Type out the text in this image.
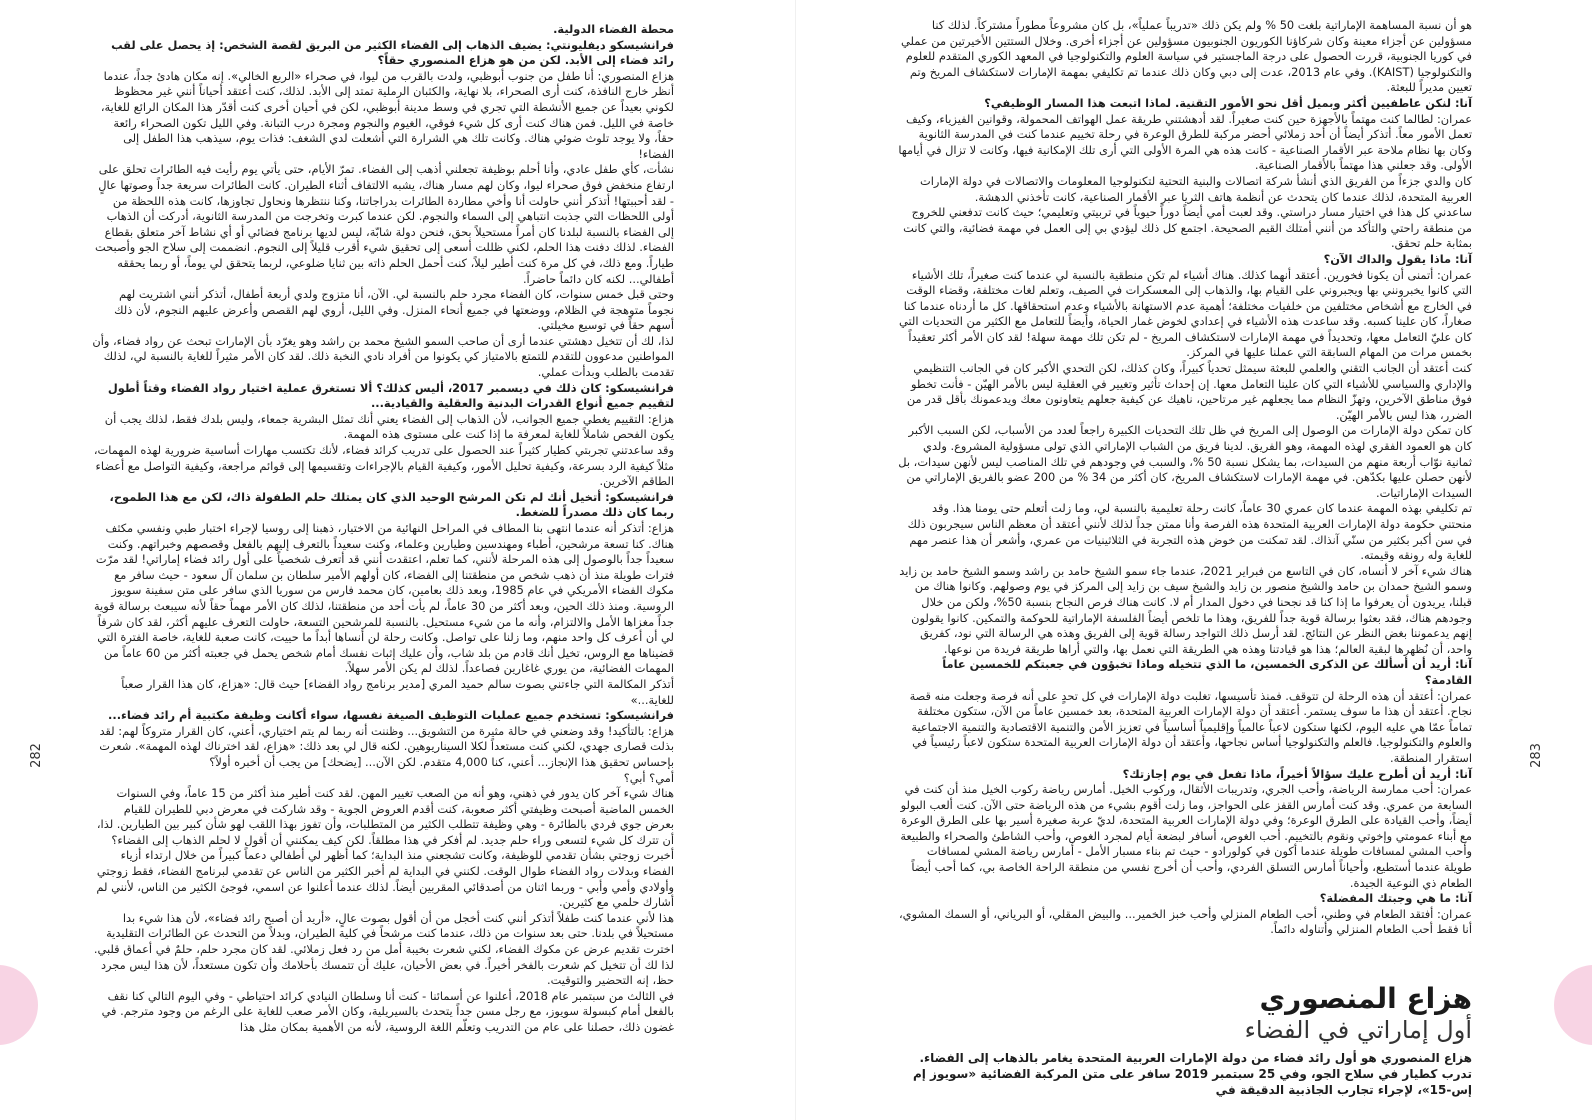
282

محطة الفضاء الدولية.

فرانشيسكو ديفليونتي: يضيف الذهاب إلى الفضاء الكثير من البريق لقصة الشخص: إذ يحصل على لقب رائد فضاء إلى الأبد. لكن من هو هزاع المنصوري حقاً؟

هزاع المنصوري: أنا طفل من جنوب أبوظبي، ولدت بالقرب من ليوا، في صحراء «الربع الخالي». إنه مكان هادئ جداً، عندما أنظر خارج النافذة، كنت أرى الصحراء، بلا نهاية، والكثبان الرملية تمتد إلى الأبد. لذلك، كنت أعتقد أحياناً أنني غير محظوظ لكوني بعيداً عن جميع الأنشطة التي تجري في وسط مدينة أبوظبي، لكن في أحيان أخرى كنت أقدّر هذا المكان الرائع للغاية، خاصة في الليل. فمن هناك كنت أرى كل شيء فوقي، الغيوم والنجوم ومجرة درب التبانة. وفي الليل تكون الصحراء رائعة حقاً، ولا يوجد تلوث ضوئي هناك. وكانت تلك هي الشرارة التي أشعلت لدي الشغف: فذات يوم، سيذهب هذا الطفل إلى الفضاء!

نشأت، كأي طفل عادي، وأنا أحلم بوظيفة تجعلني أذهب إلى الفضاء. تمرّ الأيام، حتى يأتي يوم رأيت فيه الطائرات تحلق على ارتفاع منخفض فوق صحراء ليوا، وكان لهم مسار هناك، يشبه الالتفاف أثناء الطيران. كانت الطائرات سريعة جداً وصوتها عالٍ - لقد أحببتها! أتذكر أنني حاولت أنا وأخي مطاردة الطائرات بدراجاتنا، وكنا ننتظرها ونحاول تجاوزها، كانت هذه اللحظة من أولى اللحظات التي جذبت انتباهي إلى السماء والنجوم. لكن عندما كبرت وتخرجت من المدرسة الثانوية، أدركت أن الذهاب إلى الفضاء بالنسبة لبلدنا كان أمراً مستحيلاً بحق، فنحن دولة شابّة، ليس لديها برنامج فضائي أو أي نشاط آخر متعلق بقطاع الفضاء. لذلك دفنت هذا الحلم، لكني ظللت أسعى إلى تحقيق شيء أقرب قليلاً إلى النجوم. انضممت إلى سلاح الجو وأصبحت طياراً. ومع ذلك، في كل مرة كنت أطير ليلاً، كنت أحمل الحلم ذاته بين ثنايا ضلوعي، لربما يتحقق لي يوماً، أو ربما يحققه أطفالي... لكنه كان دائماً حاضراً.

وحتى قبل خمس سنوات، كان الفضاء مجرد حلم بالنسبة لي. الآن، أنا متزوج ولدي أربعة أطفال، أتذكر أنني اشتريت لهم نجوماً متوهجة في الظلام، ووضعتها في جميع أنحاء المنزل. وفي الليل، أروي لهم القصص وأعرض عليهم النجوم، لأن ذلك أسهم حقاً في توسيع مخيلتي.

لذا، لك أن تتخيل دهشتي عندما أرى أن صاحب السمو الشيخ محمد بن راشد وهو يغرّد بأن الإمارات تبحث عن رواد فضاء، وأن المواطنين مدعوون للتقدم للتمتع بالامتياز كي يكونوا من أفراد نادي النخبة ذلك. لقد كان الأمر مثيراً للغاية بالنسبة لي، لذلك تقدمت بالطلب وبدأت عملي.

فرانشيسكو: كان ذلك في ديسمبر 2017، أليس كذلك؟ ألا تستغرق عملية اختيار رواد الفضاء وقتاً أطول لتقييم جميع أنواع القدرات البدنية والعقلية والقيادية...

هزاع: التقييم يغطي جميع الجوانب، لأن الذهاب إلى الفضاء يعني أنك تمثل البشرية جمعاء، وليس بلدك فقط، لذلك يجب أن يكون الفحص شاملاً للغاية لمعرفة ما إذا كنت على مستوى هذه المهمة.

وقد ساعدتني تجربتي كطيار كثيراً عند الحصول على تدريب كرائد فضاء، لأنك تكتسب مهارات أساسية ضرورية لهذه المهمات، مثلاً كيفية الرد بسرعة، وكيفية تحليل الأمور، وكيفية القيام بالإجراءات وتقسيمها إلى قوائم مراجعة، وكيفية التواصل مع أعضاء الطاقم الآخرين.

فرانشيسكو: أتخيل أنك لم تكن المرشح الوحيد الذي كان يمتلك حلم الطفولة ذاك، لكن مع هذا الطموح، ربما كان ذلك مصدراً للضغط.

هزاع: أتذكر أنه عندما انتهى بنا المطاف في المراحل النهائية من الاختيار، ذهبنا إلى روسيا لإجراء اختبار طبي ونفسي مكثف هناك. كنا تسعة مرشحين، أطباء ومهندسين وطيارين وعلماء، وكنت سعيداً بالتعرف إليهم بالفعل وقصصهم وخبراتهم. وكنت سعيداً جداً بالوصول إلى هذه المرحلة لأنني، كما تعلم، اعتقدت أنني قد أتعرف شخصياً على أول رائد فضاء إماراتي! لقد مرّت فترات طويلة منذ أن ذهب شخص من منطقتنا إلى الفضاء، كان أولهم الأمير سلطان بن سلمان آل سعود - حيث سافر مع مكوك الفضاء الأمريكي في عام 1985، وبعد ذلك بعامين، كان محمد فارس من سوريا الذي سافر على متن سفينة سويوز الروسية. ومنذ ذلك الحين، وبعد أكثر من 30 عاماً، لم يأت أحد من منطقتنا، لذلك كان الأمر مهماً حقاً لأنه سيبعث برسالة قوية جداً مغزاها الأمل والالتزام، وأنه ما من شيء مستحيل. بالنسبة للمرشحين التسعة، حاولت التعرف عليهم أكثر، لقد كان شرفاً لي أن أعرف كل واحد منهم، وما زلنا على تواصل. وكانت رحلة لن أنساها أبداً ما حييت، كانت صعبة للغاية، خاصة الفترة التي قضيناها مع الروس، تخيل أنك قادم من بلد شاب، وأن عليك إثبات نفسك أمام شخص يحمل في جعبته أكثر من 60 عاماً من المهمات الفضائية، من يوري غاغارين فصاعداً. لذلك لم يكن الأمر سهلاً.

أتذكر المكالمة التي جاءتني بصوت سالم حميد المري [مدير برنامج رواد الفضاء] حيث قال: «هزاع، كان هذا القرار صعباً للغاية...»

فرانشيسكو: تستخدم جميع عمليات التوظيف الصيغة نفسها، سواء أكانت وظيفة مكتبية أم رائد فضاء...

هزاع: بالتأكيد! وقد وضعني في حالة مثيرة من التشويق... وظننت أنه ربما لم يتم اختياري، أعني، كان القرار متروكاً لهم: لقد بذلت قصارى جهدي، لكني كنت مستعداً لكلا السيناريوهين. لكنه قال لي بعد ذلك: «هزاع، لقد اخترناك لهذه المهمة». شعرت بإحساس تحقيق هذا الإنجاز... أعني، كنا 4,000 متقدم. لكن الآن... [يضحك] من يجب أن أخبره أولاً؟

أمي؟ أبي؟

هناك شيء آخر كان يدور في ذهني، وهو أنه من الصعب تغيير المهن. لقد كنت أطير منذ أكثر من 15 عاماً، وفي السنوات الخمس الماضية أصبحت وظيفتي أكثر صعوبة، كنت أقدم العروض الجوية - وقد شاركت في معرض دبي للطيران للقيام بعرض جوي فردي بالطائرة - وهي وظيفة تتطلب الكثير من المتطلبات، وأن تفوز بهذا اللقب لهو شأن كبير بين الطيارين. لذا، أن تترك كل شيء لتسعى وراء حلم جديد. لم أفكر في هذا مطلقاً. لكن كيف يمكنني أن أقول لا لحلم الذهاب إلى الفضاء؟

أخبرت زوجتي بشأن تقدمي للوظيفة، وكانت تشجعني منذ البداية؛ كما أظهر لي أطفالي دعماً كبيراً من خلال ارتداء أزياء الفضاء وبدلات رواد الفضاء طوال الوقت. لكنني في البداية لم أخبر الكثير من الناس عن تقدمي لبرنامج الفضاء، فقط زوجتي وأولادي وأمي وأبي - وربما اثنان من أصدقائي المقربين أيضاً. لذلك عندما أعلنوا عن اسمي، فوجئ الكثير من الناس، لأنني لم أشارك حلمي مع كثيرين.

هذا لأني عندما كنت طفلاً أتذكر أنني كنت أخجل من أن أقول بصوت عالٍ، «أريد أن أصبح رائد فضاء»، لأن هذا شيء بدا مستحيلاً في بلدنا. حتى بعد سنوات من ذلك، عندما كنت مرشحاً في كلية الطيران، وبدلاً من التحدث عن الطائرات التقليدية اخترت تقديم عرض عن مكوك الفضاء، لكني شعرت بخيبة أمل من رد فعل زملائي. لقد كان مجرد حلم، حلمٌ في أعماق قلبي. لذا لك أن تتخيل كم شعرت بالفخر أخيراً. في بعض الأحيان، عليك أن تتمسك بأحلامك وأن تكون مستعداً، لأن هذا ليس مجرد حظ، إنه التحضير والتوقيت.

في الثالث من سبتمبر عام 2018، أعلنوا عن أسمائنا - كنت أنا وسلطان النيادي كرائد احتياطي - وفي اليوم التالي كنا نقف بالفعل أمام كبسولة سويوز، مع رجل مسن جداً يتحدث بالسيريلية، وكان الأمر صعب للغاية على الرغم من وجود مترجم. في غضون ذلك، حصلنا على عام من التدريب وتعلّم اللغة الروسية، لأنه من الأهمية بمكان مثل هذا

283

هو أن نسبة المساهمة الإماراتية بلغت 50 % ولم يكن ذلك «تدريباً عملياً»، بل كان مشروعاً مطوراً مشتركاً. لذلك كنا مسؤولين عن أجزاء معينة وكان شركاؤنا الكوريون الجنوبيون مسؤولين عن أجزاء أخرى. وخلال الستتين الأخيرتين من عملي في كوريا الجنوبية، قررت الحصول على درجة الماجستير في سياسة العلوم والتكنولوجيا في المعهد الكوري المتقدم للعلوم والتكنولوجيا (KAIST). وفي عام 2013، عدت إلى دبي وكان ذلك عندما تم تكليفي بمهمة الإمارات لاستكشاف المريخ وتم تعيين مديراً للبعثة.

آنا: لنكن عاطفيين أكثر وبميل أقل نحو الأمور التقنية. لماذا اتبعت هذا المسار الوظيفي؟

عمران: لطالما كنت مهتماً بالأجهزة حين كنت صغيراً. لقد أدهشتني طريقة عمل الهواتف المحمولة، وقوانين الفيزياء، وكيف تعمل الأمور معاً. أتذكر أيضاً أن أحد زملائي أحضر مركبة للطرق الوعرة في رحلة تخييم عندما كنت في المدرسة الثانوية وكان بها نظام ملاحة عبر الأقمار الصناعية - كانت هذه هي المرة الأولى التي أرى تلك الإمكانية فيها، وكانت لا تزال في أيامها الأولى. وقد جعلني هذا مهتماً بالأقمار الصناعية.

كان والدي جزءاً من الفريق الذي أنشأ شركة اتصالات والبنية التحتية لتكنولوجيا المعلومات والاتصالات في دولة الإمارات العربية المتحدة، لذلك عندما كان يتحدث عن أنظمة هاتف الثريا عبر الأقمار الصناعية، كانت تأخذني الدهشة.

ساعدني كل هذا في اختيار مسار دراستي. وقد لعبت أمي أيضاً دوراً حيوياً في تربيتي وتعليمي؛ حيث كانت تدفعني للخروج من منطقة راحتي والتأكد من أنني أمتلك القيم الصحيحة. اجتمع كل ذلك ليؤدي بي إلى العمل في مهمة فضائية، والتي كانت بمثابة حلم تحقق.

آنا: ماذا يقول والداك الآن؟

عمران: أتمنى أن يكونا فخورين. أعتقد أنهما كذلك. هناك أشياء لم تكن منطقية بالنسبة لي عندما كنت صغيراً، تلك الأشياء التي كانوا يخبرونني بها ويجبروني على القيام بها، والذهاب إلى المعسكرات في الصيف، وتعلم لغات مختلفة، وقضاء الوقت في الخارج مع أشخاص مختلفين من خلفيات مختلفة؛ أهمية عدم الاستهانة بالأشياء وعدم استحقاقها. كل ما أردناه عندما كنا صغاراً، كان علينا كسبه. وقد ساعدت هذه الأشياء في إعدادي لخوض غمار الحياة، وأيضاً للتعامل مع الكثير من التحديات التي كان عليّ التعامل معها، وتحديداً في مهمة الإمارات لاستكشاف المريخ - لم تكن تلك مهمة سهلة! لقد كان الأمر أكثر تعقيداً بخمس مرات من المهام السابقة التي عملنا عليها في المركز.

كنت أعتقد أن الجانب التقني والعلمي للبعثة سيمثل تحدياً كبيراً، وكان كذلك، لكن التحدي الأكبر كان في الجانب التنظيمي والإداري والسياسي للأشياء التي كان علينا التعامل معها. إن إحداث تأثير وتغيير في العقلية ليس بالأمر الهيّن - فأنت تخطو فوق مناطق الآخرين، وتهزّ النظام مما يجعلهم غير مرتاحين، ناهيك عن كيفية جعلهم يتعاونون معك ويدعمونك بأقل قدر من الضرر، هذا ليس بالأمر الهيّن.

كان تمكن دولة الإمارات من الوصول إلى المريخ في ظل تلك التحديات الكبيرة راجعاً لعدد من الأسباب، لكن السبب الأكبر كان هو العمود الفقري لهذه المهمة، وهو الفريق. لدينا فريق من الشباب الإماراتي الذي تولى مسؤولية المشروع. ولدي ثمانية نوّاب أربعة منهم من السيدات، بما يشكل نسبة 50 %، والسبب في وجودهم في تلك المناصب ليس لأنهن سيدات، بل لأنهن حصلن عليها بكدّهن. في مهمة الإمارات لاستكشاف المريخ، كان أكثر من 34 % من 200 عضو بالفريق الإماراتي من السيدات الإماراتيات.

تم تكليفي بهذه المهمة عندما كان عمري 30 عاماً، كانت رحلة تعليمية بالنسبة لي، وما زلت أتعلم حتى يومنا هذا. وقد منحتني حكومة دولة الإمارات العربية المتحدة هذه الفرصة وأنا ممتن جداً لذلك لأنني أعتقد أن معظم الناس سيجربون ذلك في سن أكبر بكثير من سنّي آنذاك. لقد تمكنت من خوض هذه التجربة في الثلاثينيات من عمري، وأشعر أن هذا عنصر مهم للغاية وله رونقه وقيمته.

هناك شيء آخر لا أنساه، كان في التاسع من فبراير 2021، عندما جاء سمو الشيخ حامد بن راشد وسمو الشيخ حامد بن زايد وسمو الشيخ حمدان بن حامد والشيخ منصور بن زايد والشيخ سيف بن زايد إلى المركز في يوم وصولهم. وكانوا هناك من قبلنا، يريدون أن يعرفوا ما إذا كنا قد نجحنا في دخول المدار أم لا. كانت هناك فرص النجاح بنسبة 50%، ولكن من خلال وجودهم هناك، فقد بعثوا برسالة قوية جداً للفريق، وهذا ما تلخص أيضاً الفلسفة الإماراتية للحوكمة والتمكين. كانوا يقولون إنهم يدعموننا بغض النظر عن النتائج. لقد أرسل ذلك التواجد رسالة قوية إلى الفريق وهذه هي الرسالة التي نود، كفريق واحد، أن نُظهرها لبقية العالم؛ هذا هو قيادتنا وهذه هي الطريقة التي نعمل بها، والتي أراها طريقة فريدة من نوعها.

آنا: أريد أن أسألك عن الذكرى الخمسين، ما الذي تتخيله وماذا تخبؤون في جعبتكم للخمسين عاماً القادمة؟

عمران: أعتقد أن هذه الرحلة لن تتوقف. فمنذ تأسيسها، تغلبت دولة الإمارات في كل تحدٍ على أنه فرصة وجعلت منه قصة نجاح. أعتقد أن هذا ما سوف يستمر. أعتقد أن دولة الإمارات العربية المتحدة، بعد خمسين عاماً من الآن، ستكون مختلفة تماماً عمّا هي عليه اليوم، لكنها ستكون لاعباً عالمياً وإقليمياً أساسياً في تعزيز الأمن والتنمية الاقتصادية والتنمية الاجتماعية والعلوم والتكنولوجيا. فالعلم والتكنولوجيا أساس نجاحها، وأعتقد أن دولة الإمارات العربية المتحدة ستكون لاعباً رئيسياً في استقرار المنطقة.

آنا: أريد أن أطرح عليك سؤالاً أخيراً، ماذا تفعل في يوم إجازتك؟

عمران: أحب ممارسة الرياضة، وأحب الجري، وتدريبات الأثقال، وركوب الخيل. أمارس رياضة ركوب الخيل منذ أن كنت في السابعة من عمري. وقد كنت أمارس القفز على الحواجز، وما زلت أقوم بشيء من هذه الرياضة حتى الآن. كنت ألعب البولو أيضاً، وأحب القيادة على الطرق الوعرة؛ وفي دولة الإمارات العربية المتحدة، لديّ عربة صغيرة أسير بها على الطرق الوعرة مع أبناء عمومتي وإخوتي ونقوم بالتخييم. أحب الغوص، أسافر لبضعة أيام لمجرد الغوص، وأحب الشاطئ والصحراء والطبيعة وأحب المشي لمسافات طويلة عندما أكون في كولورادو - حيث تم بناء مسبار الأمل - أمارس رياضة المشي لمسافات طويلة عندما أستطيع، وأحياناً أمارس التسلق الفردي، وأحب أن أخرج نفسي من منطقة الراحة الخاصة بي، كما أحب أيضاً الطعام ذي النوعية الجيدة.

آنا: ما هي وجبتك المفضلة؟

عمران: أفتقد الطعام في وطني، أحب الطعام المنزلي وأحب خبز الخمير... والبيض المقلي، أو البرياني، أو السمك المشوي، أنا فقط أحب الطعام المنزلي وأتناوله دائماً.

هزاع المنصوري
أول إماراتي في الفضاء
هزاع المنصوري هو أول رائد فضاء من دولة الإمارات العربية المتحدة يغامر بالذهاب إلى الفضاء. تدرب كطيار في سلاح الجو، وفي 25 سبتمبر 2019 سافر على متن المركبة الفضائية «سويوز إم إس-15»، لإجراء تجارب الجاذبية الدقيقة في
